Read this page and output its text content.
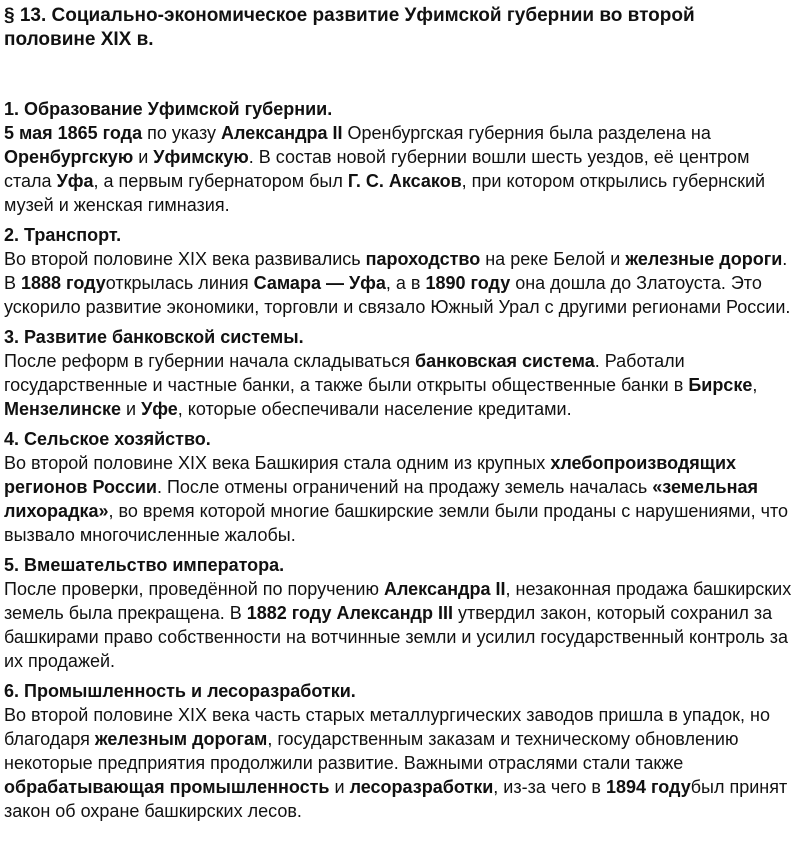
§ 13. Социально-экономическое развитие Уфимской губернии во второй половине XIX в.
1. Образование Уфимской губернии.
5 мая 1865 года по указу Александра II Оренбургская губерния была разделена на Оренбургскую и Уфимскую. В состав новой губернии вошли шесть уездов, её центром стала Уфа, а первым губернатором был Г. С. Аксаков, при котором открылись губернский музей и женская гимназия.
2. Транспорт.
Во второй половине XIX века развивались пароходство на реке Белой и железные дороги. В 1888 годуоткрылась линия Самара — Уфа, а в 1890 году она дошла до Златоуста. Это ускорило развитие экономики, торговли и связало Южный Урал с другими регионами России.
3. Развитие банковской системы.
После реформ в губернии начала складываться банковская система. Работали государственные и частные банки, а также были открыты общественные банки в Бирске, Мензелинске и Уфе, которые обеспечивали население кредитами.
4. Сельское хозяйство.
Во второй половине XIX века Башкирия стала одним из крупных хлебопроизводящих регионов России. После отмены ограничений на продажу земель началась «земельная лихорадка», во время которой многие башкирские земли были проданы с нарушениями, что вызвало многочисленные жалобы.
5. Вмешательство императора.
После проверки, проведённой по поручению Александра II, незаконная продажа башкирских земель была прекращена. В 1882 году Александр III утвердил закон, который сохранил за башкирами право собственности на вотчинные земли и усилил государственный контроль за их продажей.
6. Промышленность и лесоразработки.
Во второй половине XIX века часть старых металлургических заводов пришла в упадок, но благодаря железным дорогам, государственным заказам и техническому обновлению некоторые предприятия продолжили развитие. Важными отраслями стали также обрабатывающая промышленность и лесоразработки, из-за чего в 1894 годубыл принят закон об охране башкирских лесов.
